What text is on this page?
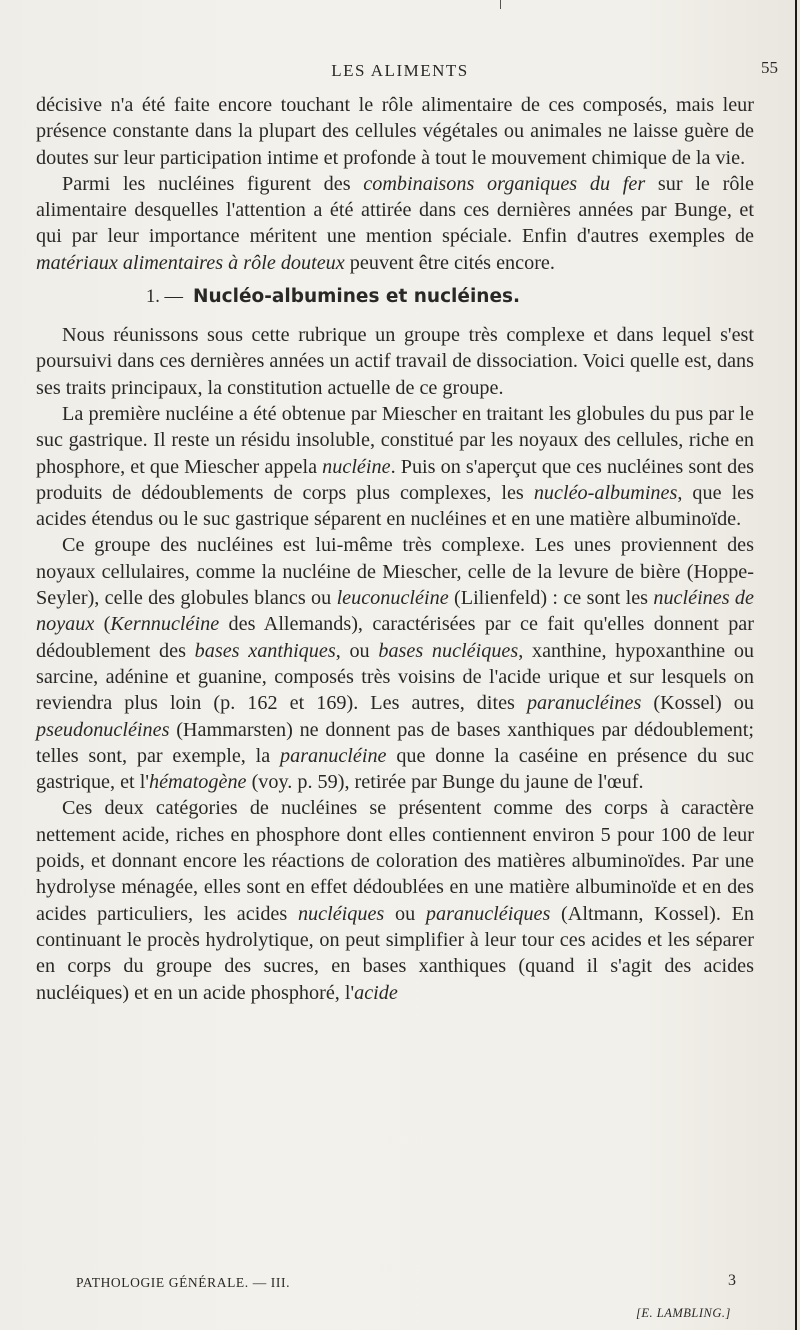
LES ALIMENTS	55

décisive n'a été faite encore touchant le rôle alimentaire de ces composés, mais leur présence constante dans la plupart des cellules végétales ou animales ne laisse guère de doutes sur leur participation intime et profonde à tout le mouvement chimique de la vie.

Parmi les nucléines figurent des combinaisons organiques du fer sur le rôle alimentaire desquelles l'attention a été attirée dans ces dernières années par Bunge, et qui par leur importance méritent une mention spéciale. Enfin d'autres exemples de matériaux alimentaires à rôle douteux peuvent être cités encore.

1. — Nucléo-albumines et nucléines.

Nous réunissons sous cette rubrique un groupe très complexe et dans lequel s'est poursuivi dans ces dernières années un actif travail de dissociation. Voici quelle est, dans ses traits principaux, la constitution actuelle de ce groupe.

La première nucléine a été obtenue par Miescher en traitant les globules du pus par le suc gastrique. Il reste un résidu insoluble, constitué par les noyaux des cellules, riche en phosphore, et que Miescher appela nucléine. Puis on s'aperçut que ces nucléines sont des produits de dédoublements de corps plus complexes, les nucléo-albumines, que les acides étendus ou le suc gastrique séparent en nucléines et en une matière albuminoïde.

Ce groupe des nucléines est lui-même très complexe. Les unes proviennent des noyaux cellulaires, comme la nucléine de Miescher, celle de la levure de bière (Hoppe-Seyler), celle des globules blancs ou leuconucléine (Lilienfeld) : ce sont les nucléines de noyaux (Kernnucléine des Allemands), caractérisées par ce fait qu'elles donnent par dédoublement des bases xanthiques, ou bases nucléiques, xanthine, hypoxanthine ou sarcine, adénine et guanine, composés très voisins de l'acide urique et sur lesquels on reviendra plus loin (p. 162 et 169). Les autres, dites paranucléines (Kossel) ou pseudonucléines (Hammarsten) ne donnent pas de bases xanthiques par dédoublement; telles sont, par exemple, la paranucléine que donne la caséine en présence du suc gastrique, et l'hématogène (voy. p. 59), retirée par Bunge du jaune de l'œuf.

Ces deux catégories de nucléines se présentent comme des corps à caractère nettement acide, riches en phosphore dont elles contiennent environ 5 pour 100 de leur poids, et donnant encore les réactions de coloration des matières albuminoïdes. Par une hydrolyse ménagée, elles sont en effet dédoublées en une matière albuminoïde et en des acides particuliers, les acides nucléiques ou paranucléiques (Altmann, Kossel). En continuant le procès hydrolytique, on peut simplifier à leur tour ces acides et les séparer en corps du groupe des sucres, en bases xanthiques (quand il s'agit des acides nucléiques) et en un acide phosphoré, l'acide

PATHOLOGIE GÉNÉRALE. — III.	3
[E. LAMBLING.]
